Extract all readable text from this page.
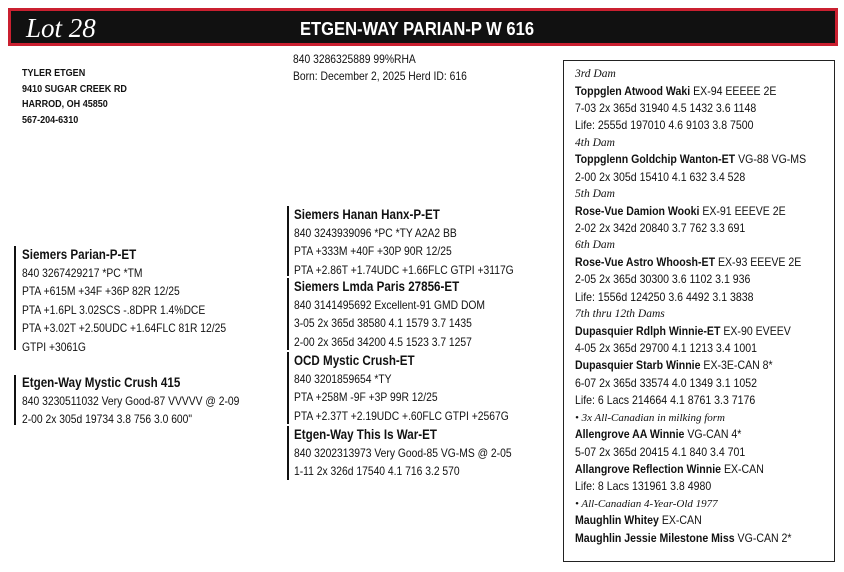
Lot 28	ETGEN-WAY PARIAN-P W 616
TYLER ETGEN
9410 SUGAR CREEK RD
HARROD, OH 45850
567-204-6310
840 3286325889 99%RHA
Born: December 2, 2025 Herd ID: 616
Siemers Parian-P-ET
840 3267429217 *PC *TM
PTA +615M +34F +36P 82R 12/25
PTA +1.6PL 3.02SCS -.8DPR 1.4%DCE
PTA +3.02T +2.50UDC +1.64FLC 81R 12/25
GTPI +3061G
Etgen-Way Mystic Crush 415
840 3230511032 Very Good-87 VVVVV @ 2-09
2-00 2x 305d 19734 3.8 756 3.0 600"
Siemers Hanan Hanx-P-ET
840 3243939096 *PC *TY A2A2 BB
PTA +333M +40F +30P 90R 12/25
PTA +2.86T +1.74UDC +1.66FLC GTPI +3117G
Siemers Lmda Paris 27856-ET
840 3141495692 Excellent-91 GMD DOM
3-05 2x 365d 38580 4.1 1579 3.7 1435
2-00 2x 365d 34200 4.5 1523 3.7 1257
OCD Mystic Crush-ET
840 3201859654 *TY
PTA +258M -9F +3P 99R 12/25
PTA +2.37T +2.19UDC +.60FLC GTPI +2567G
Etgen-Way This Is War-ET
840 3202313973 Very Good-85 VG-MS @ 2-05
1-11 2x 326d 17540 4.1 716 3.2 570
3rd Dam
Toppglen Atwood Waki EX-94 EEEEE 2E
7-03 2x 365d 31940 4.5 1432 3.6 1148
Life: 2555d 197010 4.6 9103 3.8 7500
4th Dam
Toppglenn Goldchip Wanton-ET VG-88 VG-MS
2-00 2x 305d 15410 4.1 632 3.4 528
5th Dam
Rose-Vue Damion Wooki EX-91 EEEVE 2E
2-02 2x 342d 20840 3.7 762 3.3 691
6th Dam
Rose-Vue Astro Whoosh-ET EX-93 EEEVE 2E
2-05 2x 365d 30300 3.6 1102 3.1 936
Life: 1556d 124250 3.6 4492 3.1 3838
7th thru 12th Dams
Dupasquier Rdlph Winnie-ET EX-90 EVEEV
4-05 2x 365d 29700 4.1 1213 3.4 1001
Dupasquier Starb Winnie EX-3E-CAN 8*
6-07 2x 365d 33574 4.0 1349 3.1 1052
Life: 6 Lacs 214664 4.1 8761 3.3 7176
• 3x All-Canadian in milking form
Allengrove AA Winnie VG-CAN 4*
5-07 2x 365d 20415 4.1 840 3.4 701
Allangrove Reflection Winnie EX-CAN
Life: 8 Lacs 131961 3.8 4980
• All-Canadian 4-Year-Old 1977
Maughlin Whitey EX-CAN
Maughlin Jessie Milestone Miss VG-CAN 2*
